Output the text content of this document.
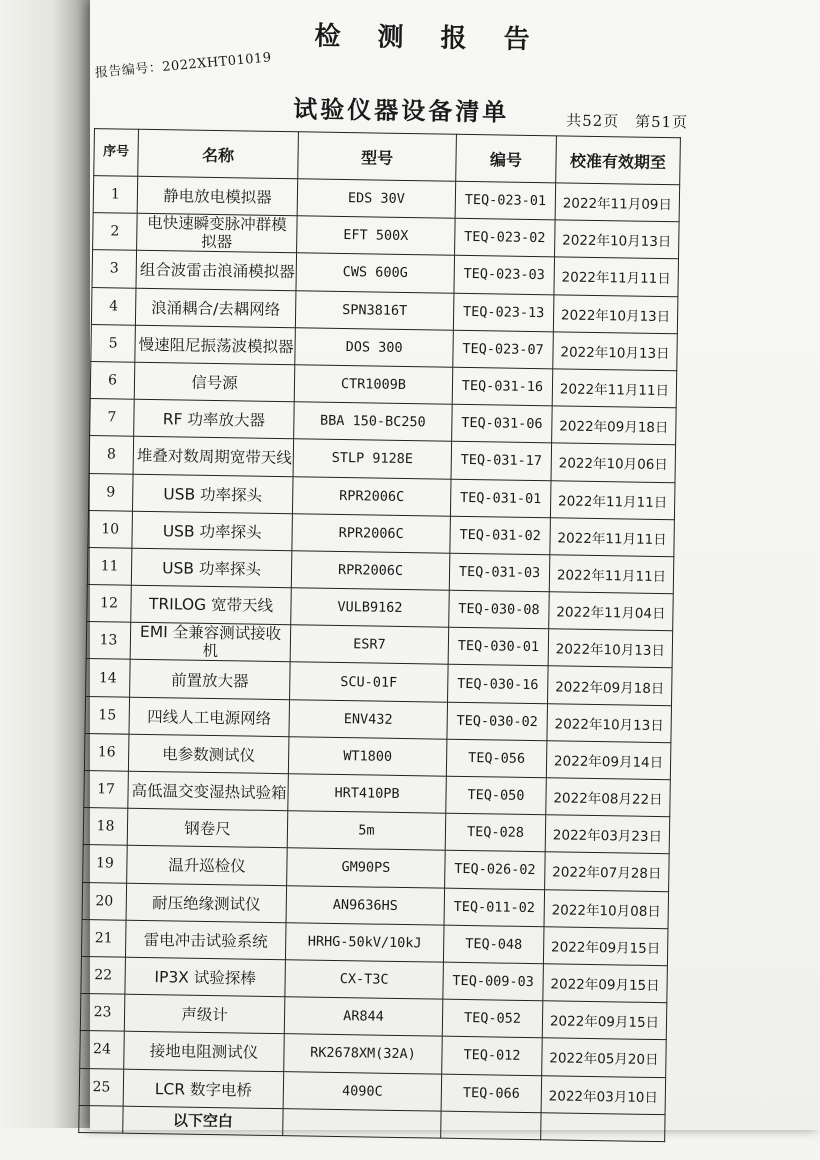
检 测 报 告
报告编号：2022XHT01019
试验仪器设备清单	共52页 第51页
序号	名称	型号	编号	校准有效期至
1	静电放电模拟器	EDS 30V	TEQ-023-01	2022年11月09日
2	电快速瞬变脉冲群模拟器	EFT 500X	TEQ-023-02	2022年10月13日
3	组合波雷击浪涌模拟器	CWS 600G	TEQ-023-03	2022年11月11日
4	浪涌耦合/去耦网络	SPN3816T	TEQ-023-13	2022年10月13日
5	慢速阻尼振荡波模拟器	DOS 300	TEQ-023-07	2022年10月13日
6	信号源	CTR1009B	TEQ-031-16	2022年11月11日
7	RF 功率放大器	BBA 150-BC250	TEQ-031-06	2022年09月18日
8	堆叠对数周期宽带天线	STLP 9128E	TEQ-031-17	2022年10月06日
9	USB 功率探头	RPR2006C	TEQ-031-01	2022年11月11日
10	USB 功率探头	RPR2006C	TEQ-031-02	2022年11月11日
11	USB 功率探头	RPR2006C	TEQ-031-03	2022年11月11日
12	TRILOG 宽带天线	VULB9162	TEQ-030-08	2022年11月04日
13	EMI 全兼容测试接收机	ESR7	TEQ-030-01	2022年10月13日
14	前置放大器	SCU-01F	TEQ-030-16	2022年09月18日
15	四线人工电源网络	ENV432	TEQ-030-02	2022年10月13日
16	电参数测试仪	WT1800	TEQ-056	2022年09月14日
17	高低温交变湿热试验箱	HRT410PB	TEQ-050	2022年08月22日
18	钢卷尺	5m	TEQ-028	2022年03月23日
19	温升巡检仪	GM90PS	TEQ-026-02	2022年07月28日
20	耐压绝缘测试仪	AN9636HS	TEQ-011-02	2022年10月08日
21	雷电冲击试验系统	HRHG-50kV/10kJ	TEQ-048	2022年09月15日
22	IP3X 试验探棒	CX-T3C	TEQ-009-03	2022年09月15日
23	声级计	AR844	TEQ-052	2022年09月15日
24	接地电阻测试仪	RK2678XM(32A)	TEQ-012	2022年05月20日
25	LCR 数字电桥	4090C	TEQ-066	2022年03月10日
	以下空白			
